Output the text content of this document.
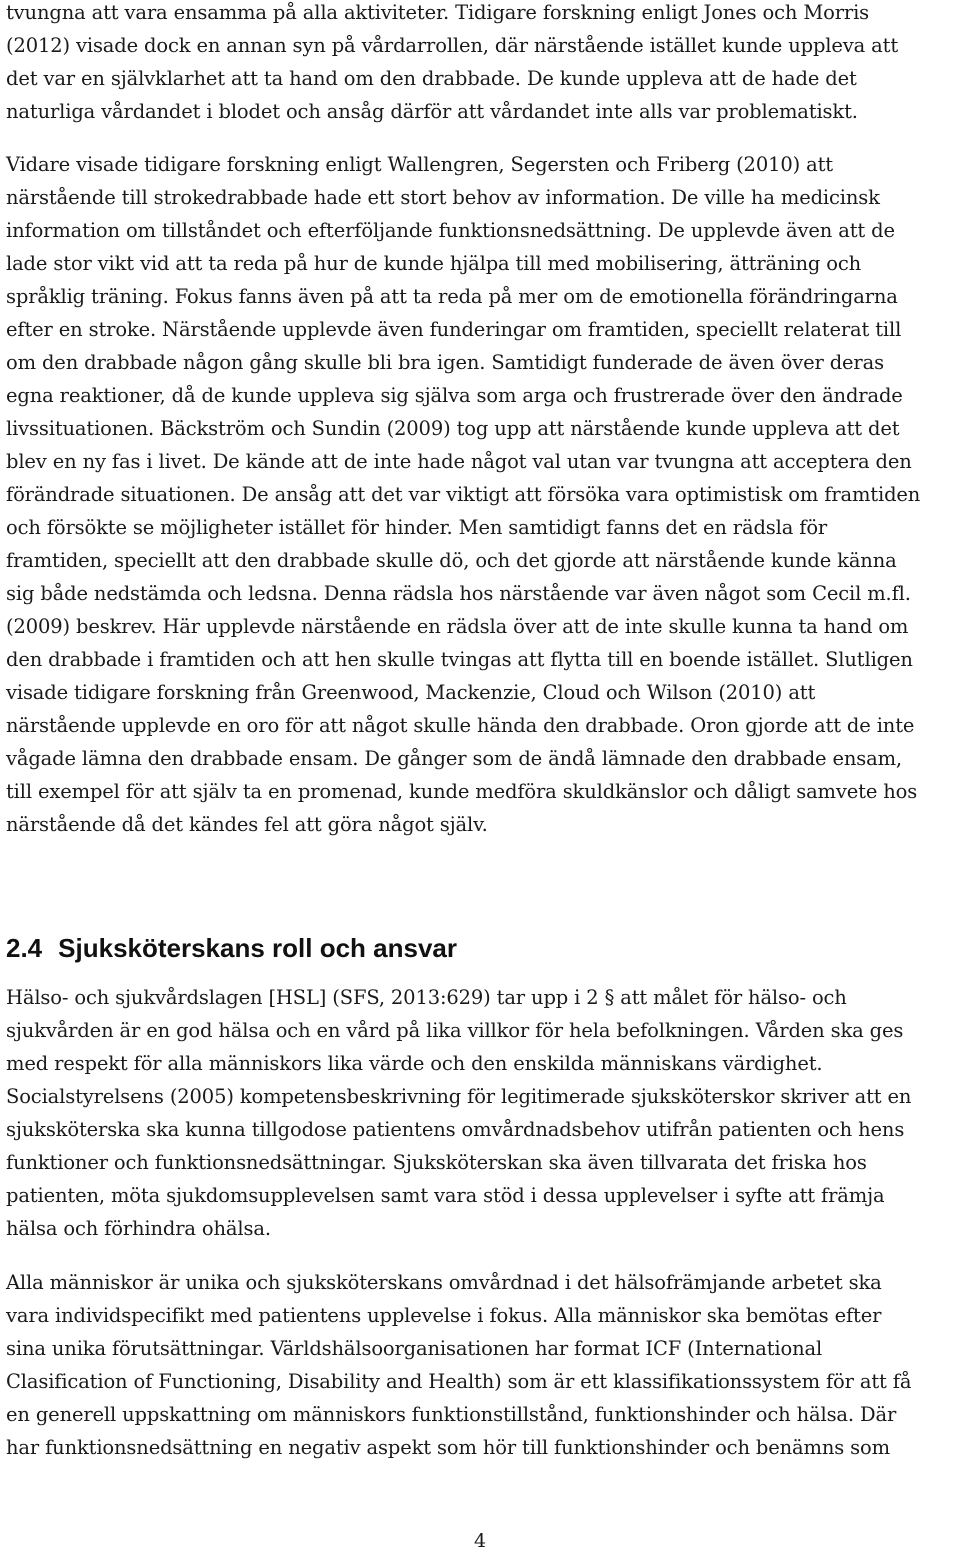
tvungna att vara ensamma på alla aktiviteter. Tidigare forskning enligt Jones och Morris
(2012) visade dock en annan syn på vårdarrollen, där närstående istället kunde uppleva att
det var en självklarhet att ta hand om den drabbade. De kunde uppleva att de hade det
naturliga vårdandet i blodet och ansåg därför att vårdandet inte alls var problematiskt.

Vidare visade tidigare forskning enligt Wallengren, Segersten och Friberg (2010) att
närstående till strokedrabbade hade ett stort behov av information. De ville ha medicinsk
information om tillståndet och efterföljande funktionsnedsättning. De upplevde även att de
lade stor vikt vid att ta reda på hur de kunde hjälpa till med mobilisering, ätträning och
språklig träning. Fokus fanns även på att ta reda på mer om de emotionella förändringarna
efter en stroke. Närstående upplevde även funderingar om framtiden, speciellt relaterat till
om den drabbade någon gång skulle bli bra igen. Samtidigt funderade de även över deras
egna reaktioner, då de kunde uppleva sig själva som arga och frustrerade över den ändrade
livssituationen. Bäckström och Sundin (2009) tog upp att närstående kunde uppleva att det
blev en ny fas i livet. De kände att de inte hade något val utan var tvungna att acceptera den
förändrade situationen. De ansåg att det var viktigt att försöka vara optimistisk om framtiden
och försökte se möjligheter istället för hinder. Men samtidigt fanns det en rädsla för
framtiden, speciellt att den drabbade skulle dö, och det gjorde att närstående kunde känna
sig både nedstämda och ledsna. Denna rädsla hos närstående var även något som Cecil m.fl.
(2009) beskrev. Här upplevde närstående en rädsla över att de inte skulle kunna ta hand om
den drabbade i framtiden och att hen skulle tvingas att flytta till en boende istället. Slutligen
visade tidigare forskning från Greenwood, Mackenzie, Cloud och Wilson (2010) att
närstående upplevde en oro för att något skulle hända den drabbade. Oron gjorde att de inte
vågade lämna den drabbade ensam. De gånger som de ändå lämnade den drabbade ensam,
till exempel för att själv ta en promenad, kunde medföra skuldkänslor och dåligt samvete hos
närstående då det kändes fel att göra något själv.

2.4 Sjuksköterskans roll och ansvar

Hälso- och sjukvårdslagen [HSL] (SFS, 2013:629) tar upp i 2 § att målet för hälso- och
sjukvården är en god hälsa och en vård på lika villkor för hela befolkningen. Vården ska ges
med respekt för alla människors lika värde och den enskilda människans värdighet.
Socialstyrelsens (2005) kompetensbeskrivning för legitimerade sjuksköterskor skriver att en
sjuksköterska ska kunna tillgodose patientens omvårdnadsbehov utifrån patienten och hens
funktioner och funktionsnedsättningar. Sjuksköterskan ska även tillvarata det friska hos
patienten, möta sjukdomsupplevelsen samt vara stöd i dessa upplevelser i syfte att främja
hälsa och förhindra ohälsa.

Alla människor är unika och sjuksköterskans omvårdnad i det hälsofrämjande arbetet ska
vara individspecifikt med patientens upplevelse i fokus. Alla människor ska bemötas efter
sina unika förutsättningar. Världshälsoorganisationen har format ICF (International
Clasification of Functioning, Disability and Health) som är ett klassifikationssystem för att få
en generell uppskattning om människors funktionstillstånd, funktionshinder och hälsa. Där
har funktionsnedsättning en negativ aspekt som hör till funktionshinder och benämns som

4
